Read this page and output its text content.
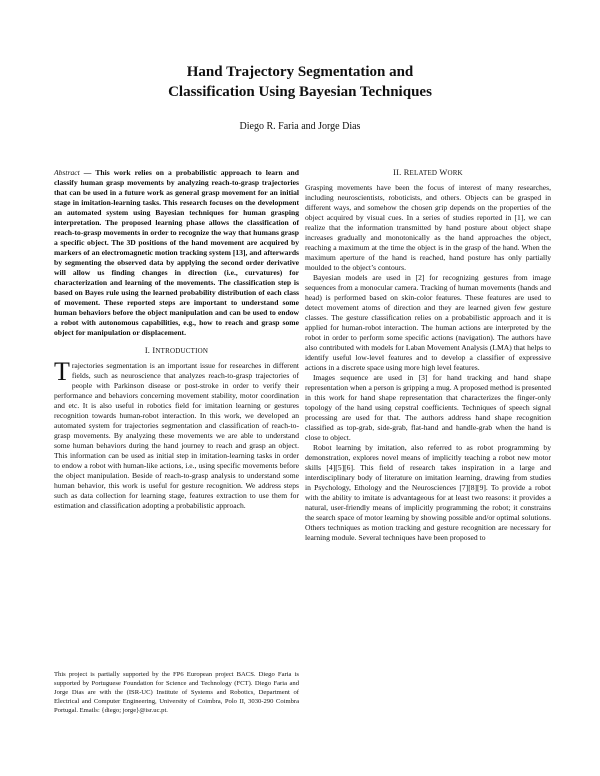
Hand Trajectory Segmentation and
Classification Using Bayesian Techniques
Diego R. Faria and Jorge Dias

Abstract — This work relies on a probabilistic approach to learn and classify human grasp movements by analyzing reach-to-grasp trajectories that can be used in a future work as general grasp movement for an initial stage in imitation-learning tasks. This research focuses on the development an automated system using Bayesian techniques for human grasping interpretation. The proposed learning phase allows the classification of reach-to-grasp movements in order to recognize the way that humans grasp a specific object. The 3D positions of the hand movement are acquired by markers of an electromagnetic motion tracking system [13], and afterwards by segmenting the observed data by applying the second order derivative will allow us finding changes in direction (i.e., curvatures) for characterization and learning of the movements. The classification step is based on Bayes rule using the learned probability distribution of each class of movement. These reported steps are important to understand some human behaviors before the object manipulation and can be used to endow a robot with autonomous capabilities, e.g., how to reach and grasp some object for manipulation or displacement.

I. INTRODUCTION

Trajectories segmentation is an important issue for researches in different fields, such as neuroscience that analyzes reach-to-grasp trajectories of people with Parkinson disease or post-stroke in order to verify their performance and behaviors concerning movement stability, motor coordination and etc. It is also useful in robotics field for imitation learning or gestures recognition towards human-robot interaction. In this work, we developed an automated system for trajectories segmentation and classification of reach-to-grasp movements. By analyzing these movements we are able to understand some human behaviors during the hand journey to reach and grasp an object. This information can be used as initial step in imitation-learning tasks in order to endow a robot with human-like actions, i.e., using specific movements before the object manipulation. Beside of reach-to-grasp analysis to understand some human behavior, this work is useful for gesture recognition. We address steps such as data collection for learning stage, features extraction to use them for estimation and classification adopting a probabilistic approach.

This project is partially supported by the FP6 European project BACS. Diego Faria is supported by Portuguese Foundation for Science and Technology (FCT). Diego Faria and Jorge Dias are with the (ISR-UC) Institute of Systems and Robotics, Department of Electrical and Computer Engineering, University of Coimbra, Polo II, 3030-290 Coimbra Portugal. Emails: {diego; jorge}@isr.uc.pt.
II. RELATED WORK

Grasping movements have been the focus of interest of many researches, including neuroscientists, roboticists, and others. Objects can be grasped in different ways, and somehow the chosen grip depends on the properties of the object acquired by visual cues. In a series of studies reported in [1], we can realize that the information transmitted by hand posture about object shape increases gradually and monotonically as the hand approaches the object, reaching a maximum at the time the object is in the grasp of the hand. When the maximum aperture of the hand is reached, hand posture has only partially moulded to the object’s contours.

Bayesian models are used in [2] for recognizing gestures from image sequences from a monocular camera. Tracking of human movements (hands and head) is performed based on skin-color features. These features are used to detect movement atoms of direction and they are learned given few gesture classes. The gesture classification relies on a probabilistic approach and it is applied for human-robot interaction. The human actions are interpreted by the robot in order to perform some specific actions (navigation). The authors have also contributed with models for Laban Movement Analysis (LMA) that helps to identify useful low-level features and to develop a classifier of expressive actions in a discrete space using more high level features.

Images sequence are used in [3] for hand tracking and hand shape representation when a person is gripping a mug. A proposed method is presented in this work for hand shape representation that characterizes the finger-only topology of the hand using cepstral coefficients. Techniques of speech signal processing are used for that. The authors address hand shape recognition classified as top-grab, side-grab, flat-hand and handle-grab when the hand is close to object.

Robot learning by imitation, also referred to as robot programming by demonstration, explores novel means of implicitly teaching a robot new motor skills [4][5][6]. This field of research takes inspiration in a large and interdisciplinary body of literature on imitation learning, drawing from studies in Psychology, Ethology and the Neurosciences [7][8][9]. To provide a robot with the ability to imitate is advantageous for at least two reasons: it provides a natural, user-friendly means of implicitly programming the robot; it constrains the search space of motor learning by showing possible and/or optimal solutions. Others techniques as motion tracking and gesture recognition are necessary for learning module. Several techniques have been proposed to
